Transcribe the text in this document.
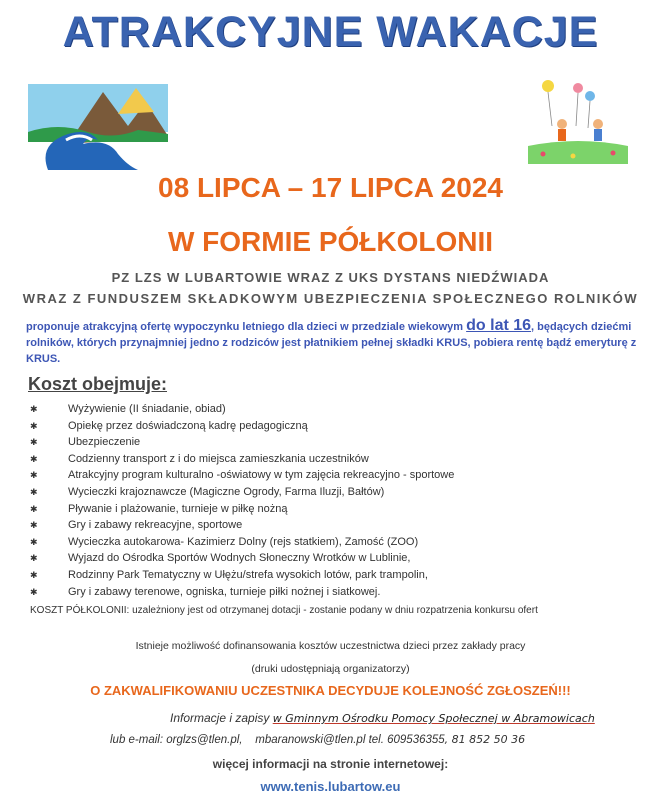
ATRAKCYJNE WAKACJE
08 LIPCA – 17 LIPCA 2024
W FORMIE PÓŁKOLONII
PZ LZS W LUBARTOWIE WRAZ Z UKS DYSTANS NIEDŹWIADA
WRAZ Z FUNDUSZEM SKŁADKOWYM UBEZPIECZENIA SPOŁECZNEGO ROLNIKÓW
proponuje atrakcyjną ofertę wypoczynku letniego dla dzieci w przedziale wiekowym do lat 16, będących dziećmi rolników, których przynajmniej jedno z rodziców jest płatnikiem pełnej składki KRUS, pobiera rentę bądź emeryturę z KRUS.
Koszt obejmuje:
✱	Wyżywienie (II śniadanie, obiad)
✱	Opiekę przez doświadczoną kadrę pedagogiczną
✱	Ubezpieczenie
✱	Codzienny transport z i do miejsca zamieszkania uczestników
✱	Atrakcyjny program kulturalno -oświatowy w tym zajęcia rekreacyjno - sportowe
✱	Wycieczki krajoznawcze (Magiczne Ogrody, Farma Iluzji, Bałtów)
✱	Pływanie i plażowanie, turnieje w piłkę nożną
✱	Gry i zabawy rekreacyjne, sportowe
✱	Wycieczka autokarowa- Kazimierz Dolny (rejs statkiem), Zamość (ZOO)
✱	Wyjazd do Ośrodka Sportów Wodnych Słoneczny Wrotków w Lublinie,
✱	Rodzinny Park Tematyczny w Ułężu/strefa wysokich lotów, park trampolin,
✱	Gry i zabawy terenowe, ogniska, turnieje piłki nożnej i siatkowej.
KOSZT PÓŁKOLONII: uzależniony jest od otrzymanej dotacji - zostanie podany w dniu rozpatrzenia konkursu ofert
Istnieje możliwość dofinansowania kosztów uczestnictwa dzieci przez zakłady pracy
(druki udostępniają organizatorzy)
O ZAKWALIFIKOWANIU UCZESTNIKA DECYDUJE KOLEJNOŚĆ ZGŁOSZEŃ!!!
Informacje i zapisy w Gminnym Ośrodku Pomocy Społecznej w Abramowicach
lub e-mail: orglzs@tlen.pl, mbaranowski@tlen.pl tel. 609536355, 81 852 50 36
więcej informacji na stronie internetowej:
www.tenis.lubartow.eu
